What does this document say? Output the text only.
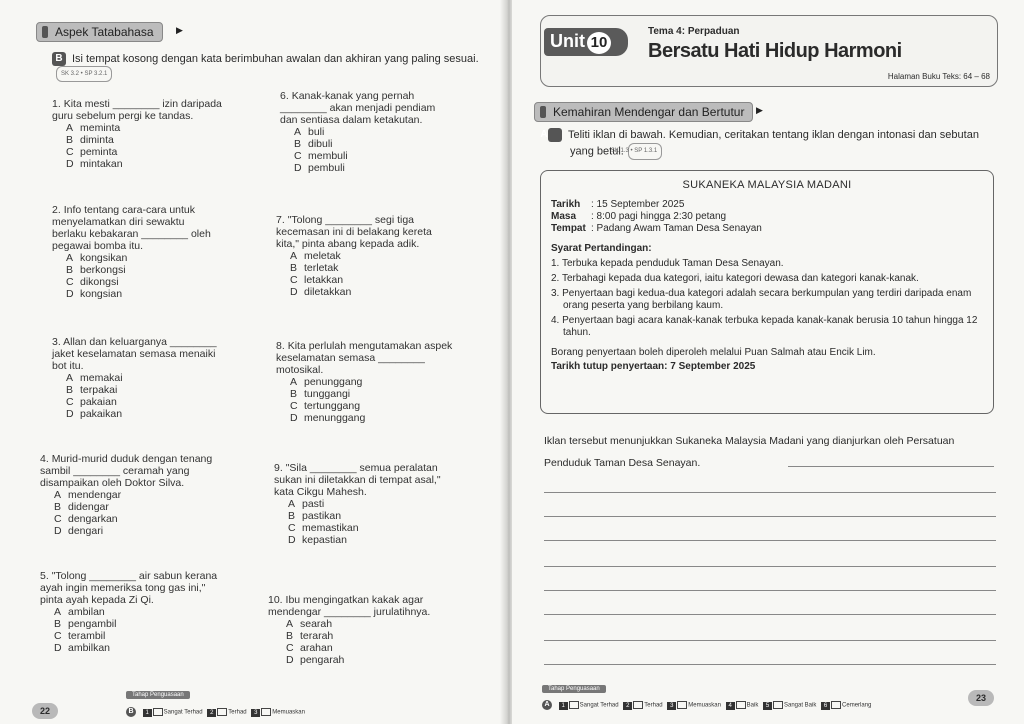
Aspek Tatabahasa	▶
B Isi tempat kosong dengan kata berimbuhan awalan dan akhiran yang paling sesuai.SK 3.2 • SP 3.2.1
1. Kita mesti ________ izin daripada
guru sebelum pergi ke tandas.
A meminta
B diminta
C peminta
D mintakan
2. Info tentang cara-cara untuk
menyelamatkan diri sewaktu
berlaku kebakaran ________ oleh
pegawai bomba itu.
A kongsikan
B berkongsi
C dikongsi
D kongsian
3. Allan dan keluarganya ________
jaket keselamatan semasa menaiki
bot itu.
A memakai
B terpakai
C pakaian
D pakaikan
4. Murid-murid duduk dengan tenang
sambil ________ ceramah yang
disampaikan oleh Doktor Silva.
A mendengar
B didengar
C dengarkan
D dengari
5. "Tolong ________ air sabun kerana
ayah ingin memeriksa tong gas ini,"
pinta ayah kepada Zi Qi.
A ambilan
B pengambil
C terambil
D ambilkan
6. Kanak-kanak yang pernah
________ akan menjadi pendiam
dan sentiasa dalam ketakutan.
A buli
B dibuli
C membuli
D pembuli
7. "Tolong ________ segi tiga
kecemasan ini di belakang kereta
kita," pinta abang kepada adik.
A meletak
B terletak
C letakkan
D diletakkan
8. Kita perlulah mengutamakan aspek
keselamatan semasa ________
motosikal.
A penunggang
B tunggangi
C tertunggang
D menunggang
9. "Sila ________ semua peralatan
sukan ini diletakkan di tempat asal,"
kata Cikgu Mahesh.
A pasti
B pastikan
C memastikan
D kepastian
10. Ibu mengingatkan kakak agar
mendengar ________ jurulatihnya.
A searah
B terarah
C arahan
D pengarah
Tahap Penguasaan
B 1 Sangat Terhad 2 Terhad 3 Memuaskan
22
Unit 10
Tema 4: Perpaduan
Bersatu Hati Hidup Harmoni
Halaman Buku Teks: 64 – 68
Kemahiran Mendengar dan Bertutur	▶
A Teliti iklan di bawah. Kemudian, ceritakan tentang iklan dengan intonasi dan sebutan yang betul.SK 1.3 • SP 1.3.1
SUKANEKA MALAYSIA MADANI
Tarikh : 15 September 2025
Masa : 8:00 pagi hingga 2:30 petang
Tempat : Padang Awam Taman Desa Senayan
Syarat Pertandingan:
1. Terbuka kepada penduduk Taman Desa Senayan.
2. Terbahagi kepada dua kategori, iaitu kategori dewasa dan kategori kanak-kanak.
3. Penyertaan bagi kedua-dua kategori adalah secara berkumpulan yang terdiri daripada enam orang peserta yang berbilang kaum.
4. Penyertaan bagi acara kanak-kanak terbuka kepada kanak-kanak berusia 10 tahun hingga 12 tahun.
Borang penyertaan boleh diperoleh melalui Puan Salmah atau Encik Lim.
Tarikh tutup penyertaan: 7 September 2025
Iklan tersebut menunjukkan Sukaneka Malaysia Madani yang dianjurkan oleh Persatuan Penduduk Taman Desa Senayan.
Tahap Penguasaan
A 1 Sangat Terhad 2 Terhad 3 Memuaskan 4 Baik 5 Sangat Baik 6 Cemerlang
23
